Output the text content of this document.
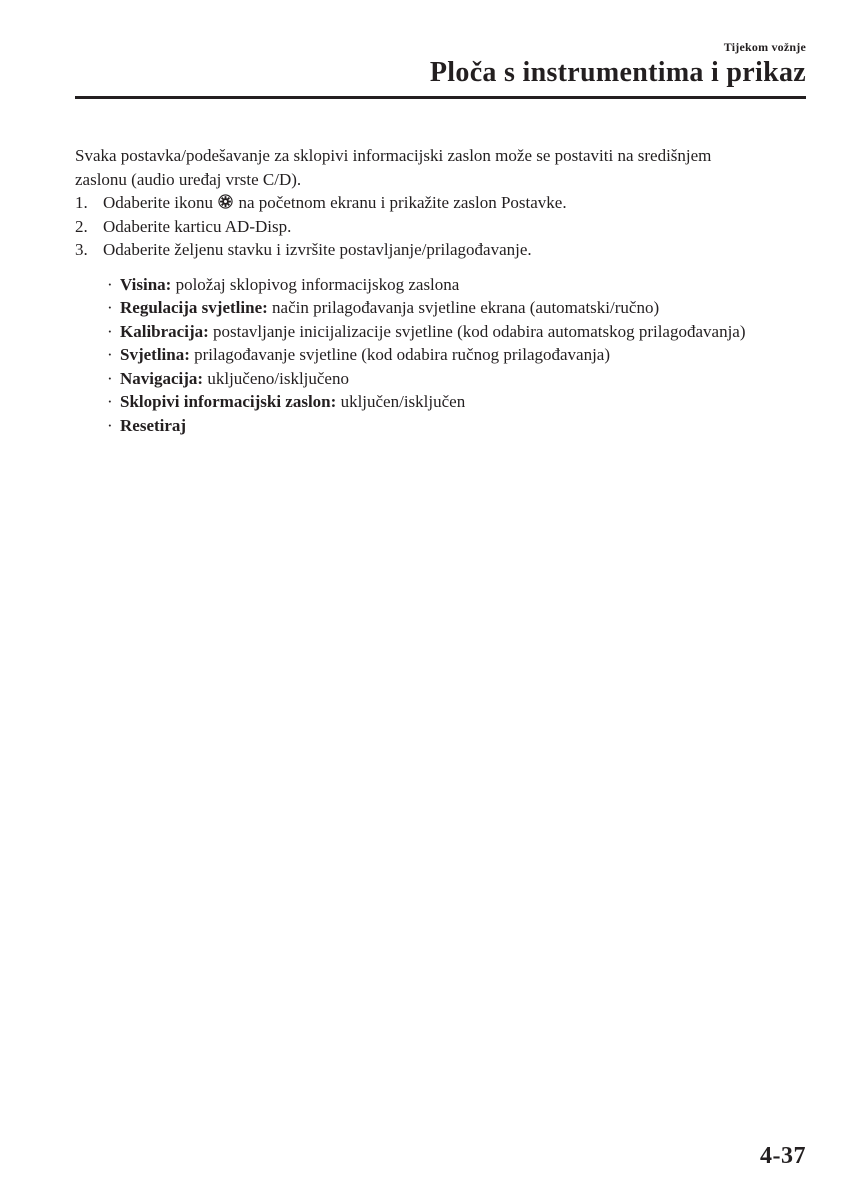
Tijekom vožnje
Ploča s instrumentima i prikaz

Svaka postavka/podešavanje za sklopivi informacijski zaslon može se postaviti na središnjem zaslonu (audio uređaj vrste C/D).

1. Odaberite ikonu na početnom ekranu i prikažite zaslon Postavke.
2. Odaberite karticu AD-Disp.
3. Odaberite željenu stavku i izvršite postavljanje/prilagođavanje.
· Visina: položaj sklopivog informacijskog zaslona
· Regulacija svjetline: način prilagođavanja svjetline ekrana (automatski/ručno)
· Kalibracija: postavljanje inicijalizacije svjetline (kod odabira automatskog prilagođavanja)
· Svjetlina: prilagođavanje svjetline (kod odabira ručnog prilagođavanja)
· Navigacija: uključeno/isključeno
· Sklopivi informacijski zaslon: uključen/isključen
· Resetiraj
4-37
